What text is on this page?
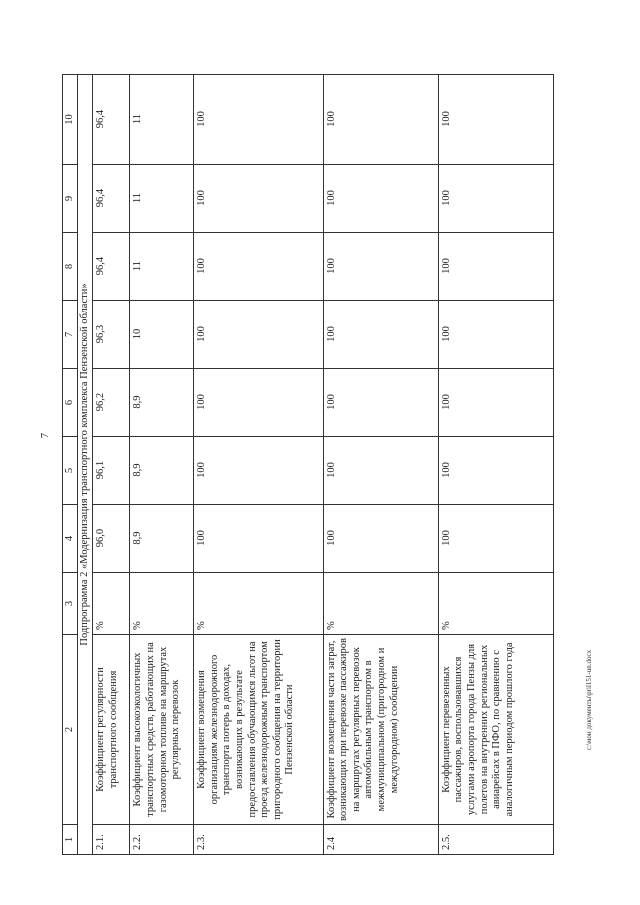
7
c:\мои документы\pril151-un.docx
1	2	3	4	5	6	7	8	9	10
Подпрограмма 2 «Модернизация транспортного комплекса Пензенской области»									
2.1.	Коэффициент регулярности транспортного сообщения	%	96,0	96,1	96,2	96,3	96,4	96,4	96,4
2.2.	Коэффициент высокоэкологичных транспортных средств, работающих на газомоторном топливе на маршрутах регулярных перевозок	%	8,9	8,9	8,9	10	11	11	11
2.3.	Коэффициент возмещения организациям железнодорожного транспорта потерь в доходах, возникающих в результате предоставления обучающимся льгот на проезд железнодорожным транспортом пригородного сообщения на территории Пензенской области	%	100	100	100	100	100	100	100
2.4	Коэффициент возмещения части затрат, возникающих при перевозке пассажиров на маршрутах регулярных перевозок автомобильным транспортом в межмуниципальном (пригородном и междугородном) сообщении	%	100	100	100	100	100	100	100
2.5.	Коэффициент перевезенных пассажиров, воспользовавшихся услугами аэропорта города Пензы для полетов на внутренних региональных авиарейсах в ПФО, по сравнению с аналогичным периодом прошлого года	%	100	100	100	100	100	100	100
